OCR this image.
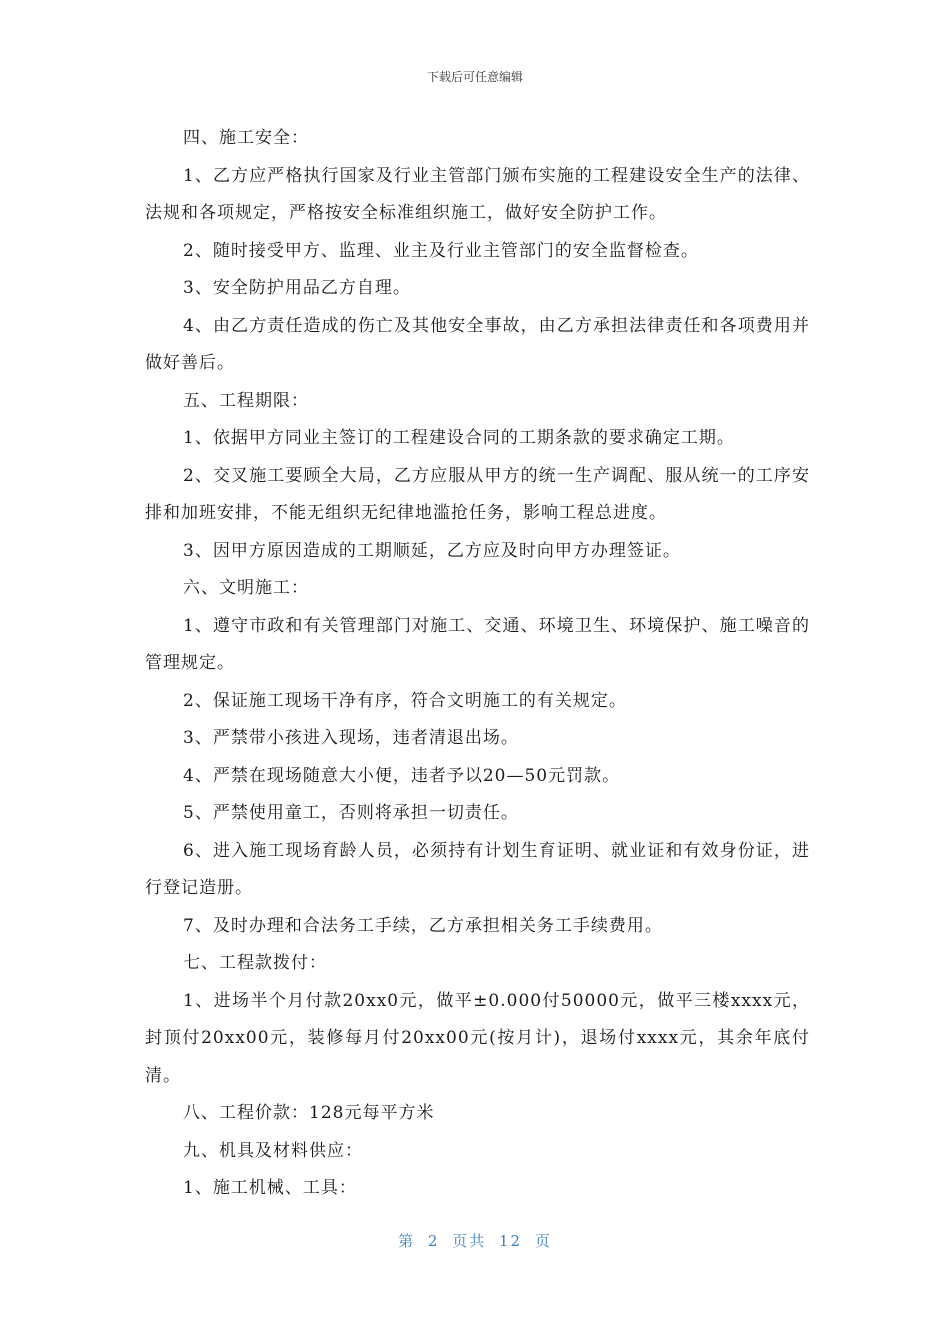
下载后可任意编辑

四、施工安全：

1、乙方应严格执行国家及行业主管部门颁布实施的工程建设安全生产的法律、法规和各项规定，严格按安全标准组织施工，做好安全防护工作。

2、随时接受甲方、监理、业主及行业主管部门的安全监督检查。

3、安全防护用品乙方自理。

4、由乙方责任造成的伤亡及其他安全事故，由乙方承担法律责任和各项费用并做好善后。

五、工程期限：

1、依据甲方同业主签订的工程建设合同的工期条款的要求确定工期。

2、交叉施工要顾全大局，乙方应服从甲方的统一生产调配、服从统一的工序安排和加班安排，不能无组织无纪律地滥抢任务，影响工程总进度。

3、因甲方原因造成的工期顺延，乙方应及时向甲方办理签证。

六、文明施工：

1、遵守市政和有关管理部门对施工、交通、环境卫生、环境保护、施工噪音的管理规定。

2、保证施工现场干净有序，符合文明施工的有关规定。

3、严禁带小孩进入现场，违者清退出场。

4、严禁在现场随意大小便，违者予以20—50元罚款。

5、严禁使用童工，否则将承担一切责任。

6、进入施工现场育龄人员，必须持有计划生育证明、就业证和有效身份证，进行登记造册。

7、及时办理和合法务工手续，乙方承担相关务工手续费用。

七、工程款拨付：

1、进场半个月付款20xx0元，做平±0.000付50000元，做平三楼xxxx元，封顶付20xx00元，装修每月付20xx00元(按月计)，退场付xxxx元，其余年底付清。

八、工程价款：128元每平方米

九、机具及材料供应：

1、施工机械、工具：

第 2 页共 12 页
